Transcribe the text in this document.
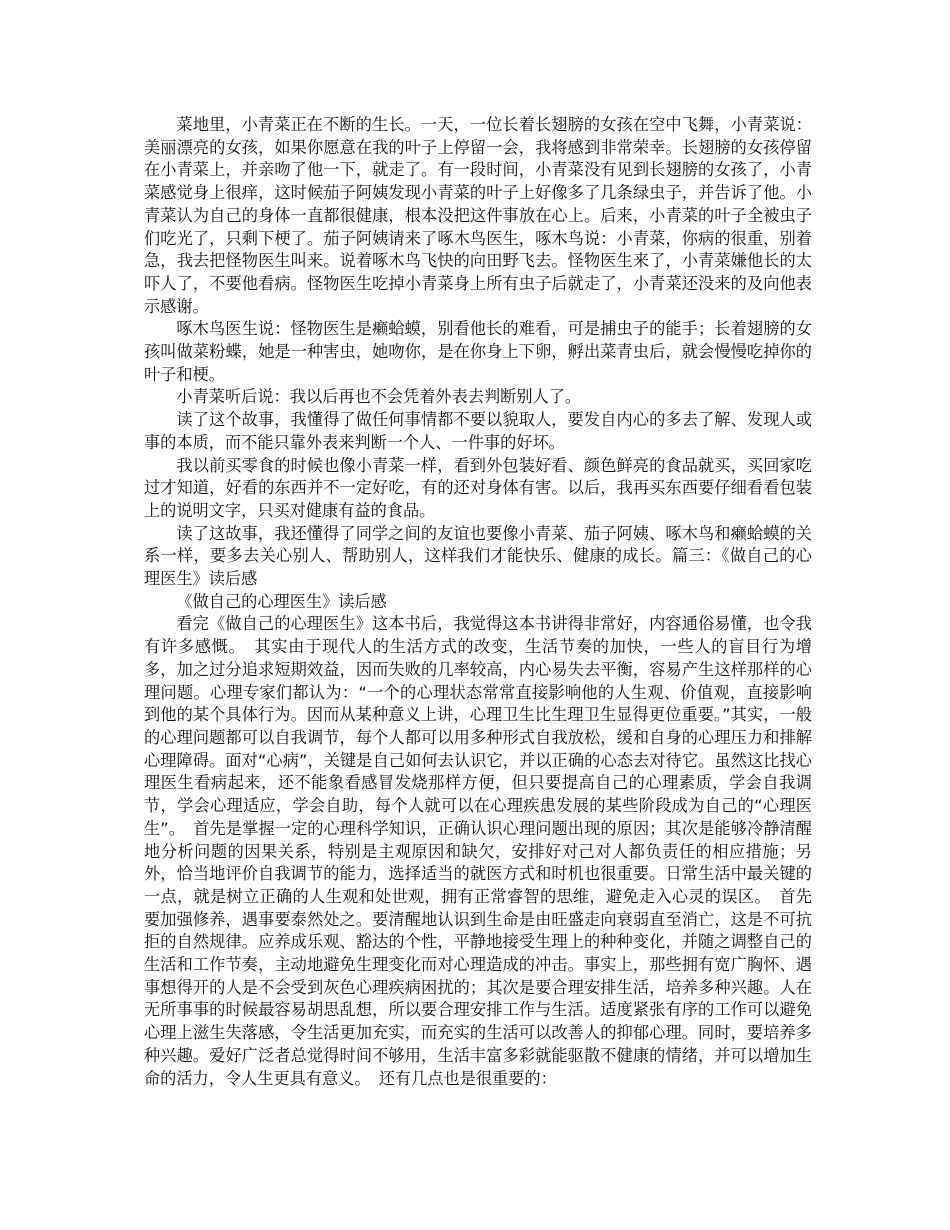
菜地里，小青菜正在不断的生长。一天，一位长着长翅膀的女孩在空中飞舞，小青菜说：美丽漂亮的女孩，如果你愿意在我的叶子上停留一会，我将感到非常荣幸。长翅膀的女孩停留在小青菜上，并亲吻了他一下，就走了。有一段时间，小青菜没有见到长翅膀的女孩了，小青菜感觉身上很痒，这时候茄子阿姨发现小青菜的叶子上好像多了几条绿虫子，并告诉了他。小青菜认为自己的身体一直都很健康，根本没把这件事放在心上。后来，小青菜的叶子全被虫子们吃光了，只剩下梗了。茄子阿姨请来了啄木鸟医生，啄木鸟说：小青菜，你病的很重，别着急，我去把怪物医生叫来。说着啄木鸟飞快的向田野飞去。怪物医生来了，小青菜嫌他长的太吓人了，不要他看病。怪物医生吃掉小青菜身上所有虫子后就走了，小青菜还没来的及向他表示感谢。

啄木鸟医生说：怪物医生是癞蛤蟆，别看他长的难看，可是捕虫子的能手；长着翅膀的女孩叫做菜粉蝶，她是一种害虫，她吻你，是在你身上下卵，孵出菜青虫后，就会慢慢吃掉你的叶子和梗。

小青菜听后说：我以后再也不会凭着外表去判断别人了。

读了这个故事，我懂得了做任何事情都不要以貌取人，要发自内心的多去了解、发现人或事的本质，而不能只靠外表来判断一个人、一件事的好坏。

我以前买零食的时候也像小青菜一样，看到外包装好看、颜色鲜亮的食品就买，买回家吃过才知道，好看的东西并不一定好吃，有的还对身体有害。以后，我再买东西要仔细看看包装上的说明文字，只买对健康有益的食品。

读了这故事，我还懂得了同学之间的友谊也要像小青菜、茄子阿姨、啄木鸟和癞蛤蟆的关系一样，要多去关心别人、帮助别人，这样我们才能快乐、健康的成长。篇三：《做自己的心理医生》读后感

《做自己的心理医生》读后感

看完《做自己的心理医生》这本书后，我觉得这本书讲得非常好，内容通俗易懂，也令我有许多感慨。　其实由于现代人的生活方式的改变，生活节奏的加快，一些人的盲目行为增多，加之过分追求短期效益，因而失败的几率较高，内心易失去平衡，容易产生这样那样的心理问题。心理专家们都认为：“一个的心理状态常常直接影响他的人生观、价值观，直接影响到他的某个具体行为。因而从某种意义上讲，心理卫生比生理卫生显得更位重要。”其实，一般的心理问题都可以自我调节，每个人都可以用多种形式自我放松，缓和自身的心理压力和排解心理障碍。面对“心病”，关键是自己如何去认识它，并以正确的心态去对待它。虽然这比找心理医生看病起来，还不能象看感冒发烧那样方便，但只要提高自己的心理素质，学会自我调节，学会心理适应，学会自助，每个人就可以在心理疾患发展的某些阶段成为自己的“心理医生”。　首先是掌握一定的心理科学知识，正确认识心理问题出现的原因；其次是能够冷静清醒地分析问题的因果关系，特别是主观原因和缺欠，安排好对己对人都负责任的相应措施；另外，恰当地评价自我调节的能力，选择适当的就医方式和时机也很重要。日常生活中最关键的一点，就是树立正确的人生观和处世观，拥有正常睿智的思维，避免走入心灵的误区。　首先要加强修养，遇事要泰然处之。要清醒地认识到生命是由旺盛走向衰弱直至消亡，这是不可抗拒的自然规律。应养成乐观、豁达的个性，平静地接受生理上的种种变化，并随之调整自己的生活和工作节奏，主动地避免生理变化而对心理造成的冲击。事实上，那些拥有宽广胸怀、遇事想得开的人是不会受到灰色心理疾病困扰的；其次是要合理安排生活，培养多种兴趣。人在无所事事的时候最容易胡思乱想，所以要合理安排工作与生活。适度紧张有序的工作可以避免心理上滋生失落感，令生活更加充实，而充实的生活可以改善人的抑郁心理。同时，要培养多种兴趣。爱好广泛者总觉得时间不够用，生活丰富多彩就能驱散不健康的情绪，并可以增加生命的活力，令人生更具有意义。　还有几点也是很重要的：
